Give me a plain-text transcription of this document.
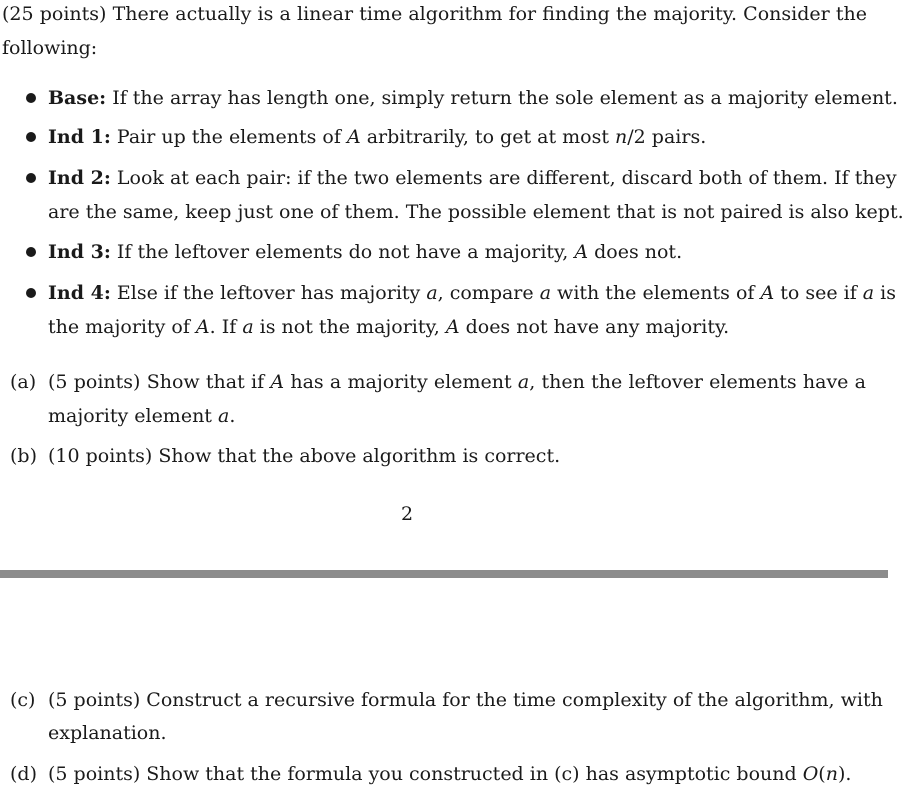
(25 points) There actually is a linear time algorithm for finding the majority. Consider the
following:
Base: If the array has length one, simply return the sole element as a majority element.
Ind 1: Pair up the elements of A arbitrarily, to get at most n/2 pairs.
Ind 2: Look at each pair: if the two elements are different, discard both of them. If they
are the same, keep just one of them. The possible element that is not paired is also kept.
Ind 3: If the leftover elements do not have a majority, A does not.
Ind 4: Else if the leftover has majority a, compare a with the elements of A to see if a is
the majority of A. If a is not the majority, A does not have any majority.
(a) (5 points) Show that if A has a majority element a, then the leftover elements have a
majority element a.
(b) (10 points) Show that the above algorithm is correct.
2
(c) (5 points) Construct a recursive formula for the time complexity of the algorithm, with
explanation.
(d) (5 points) Show that the formula you constructed in (c) has asymptotic bound O(n).
